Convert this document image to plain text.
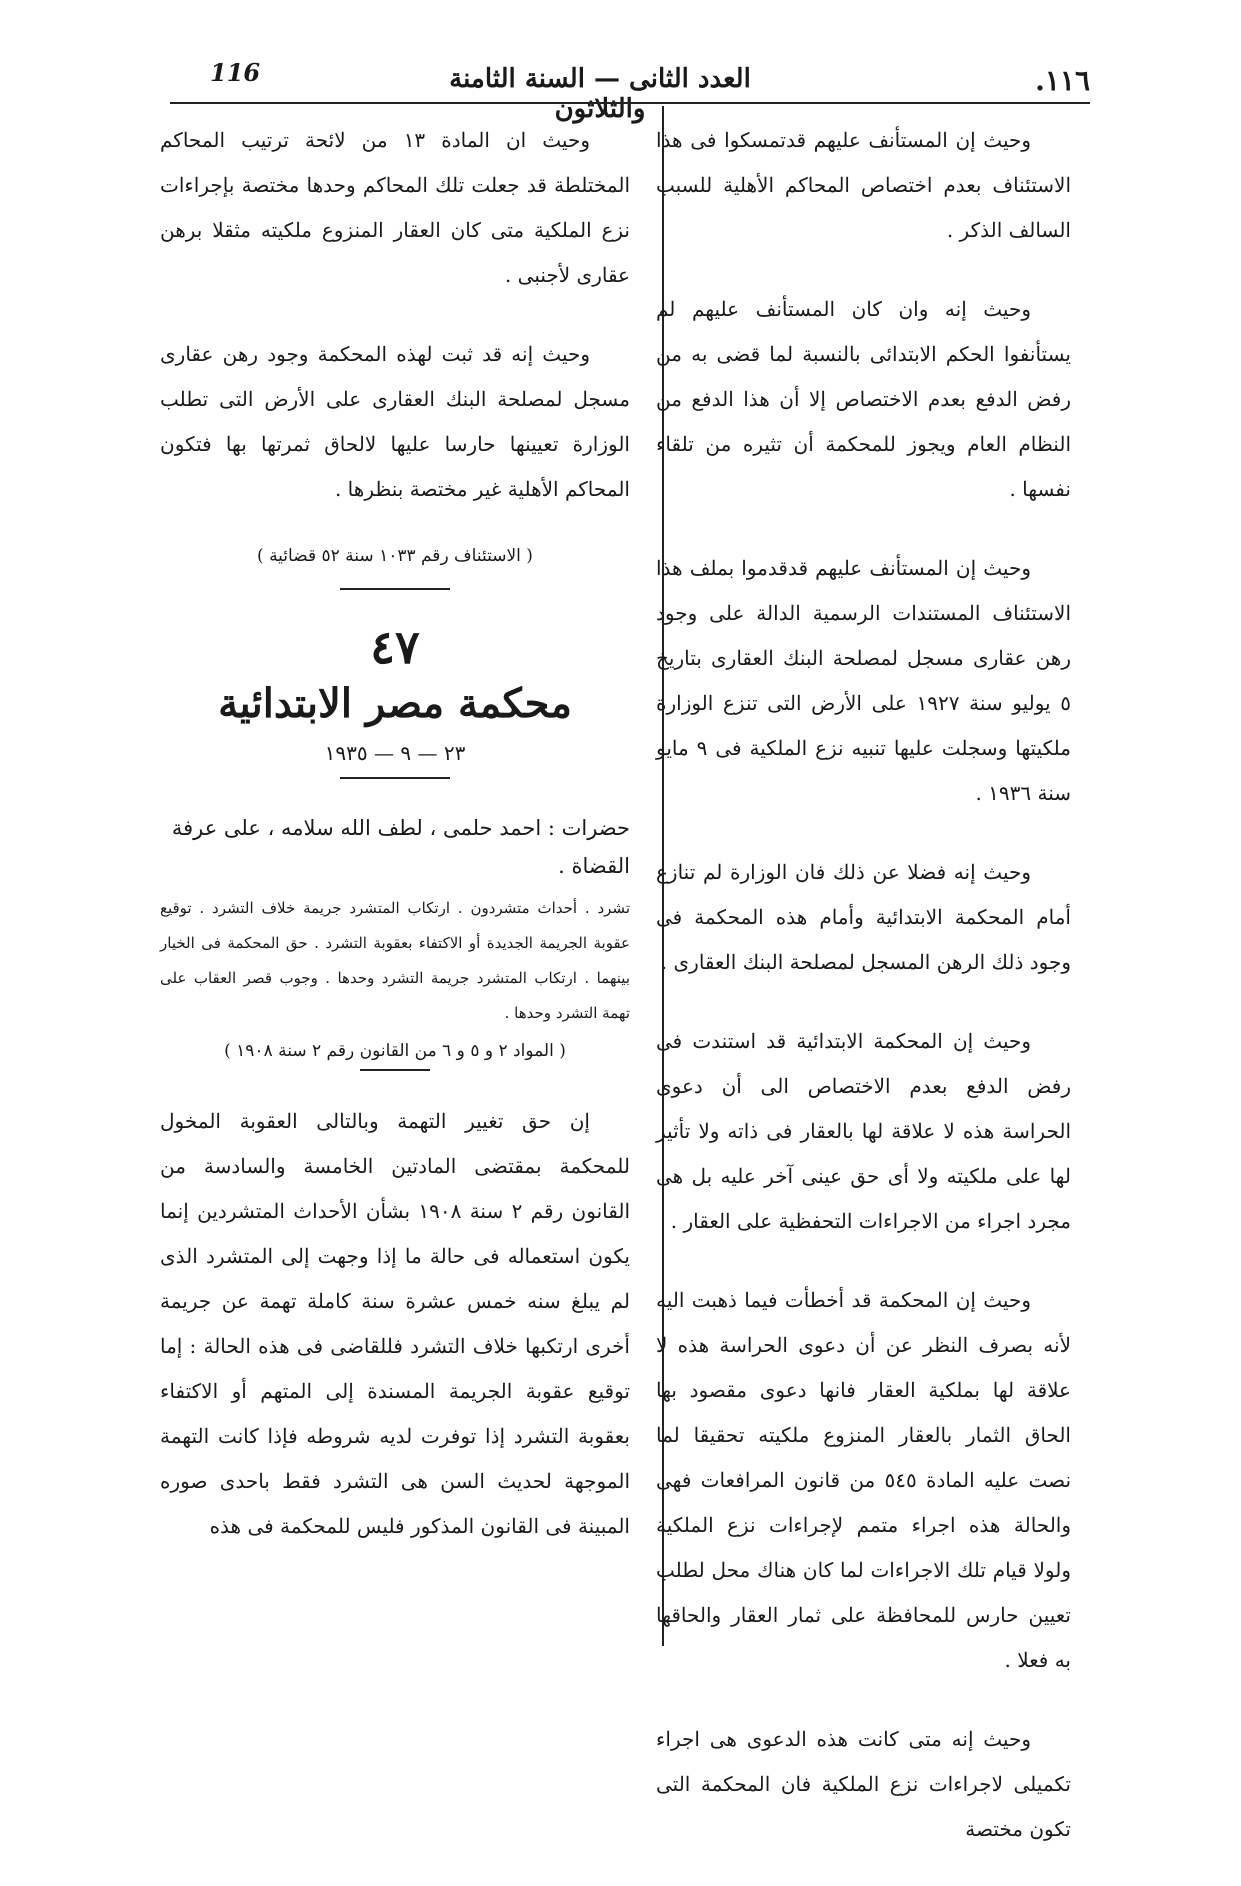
١١٦.
العدد الثانى — السنة الثامنة والثلاثون
116

وحيث إن المستأنف عليهم قدتمسكوا فى هذا الاستئناف بعدم اختصاص المحاكم الأهلية للسبب السالف الذكر .

وحيث إنه وان كان المستأنف عليهم لم يستأنفوا الحكم الابتدائى بالنسبة لما قضى به من رفض الدفع بعدم الاختصاص إلا أن هذا الدفع من النظام العام ويجوز للمحكمة أن تثيره من تلقاء نفسها .

وحيث إن المستأنف عليهم قدقدموا بملف هذا الاستئناف المستندات الرسمية الدالة على وجود رهن عقارى مسجل لمصلحة البنك العقارى بتاريخ ٥ يوليو سنة ١٩٢٧ على الأرض التى تنزع الوزارة ملكيتها وسجلت عليها تنبيه نزع الملكية فى ٩ مايو سنة ١٩٣٦ .

وحيث إنه فضلا عن ذلك فان الوزارة لم تنازع أمام المحكمة الابتدائية وأمام هذه المحكمة فى وجود ذلك الرهن المسجل لمصلحة البنك العقارى .

وحيث إن المحكمة الابتدائية قد استندت فى رفض الدفع بعدم الاختصاص الى أن دعوى الحراسة هذه لا علاقة لها بالعقار فى ذاته ولا تأثير لها على ملكيته ولا أى حق عينى آخر عليه بل هى مجرد اجراء من الاجراءات التحفظية على العقار .

وحيث إن المحكمة قد أخطأت فيما ذهبت اليه لأنه بصرف النظر عن أن دعوى الحراسة هذه لا علاقة لها بملكية العقار فانها دعوى مقصود بها الحاق الثمار بالعقار المنزوع ملكيته تحقيقا لما نصت عليه المادة ٥٤٥ من قانون المرافعات فهى والحالة هذه اجراء متمم لإجراءات نزع الملكية ولولا قيام تلك الاجراءات لما كان هناك محل لطلب تعيين حارس للمحافظة على ثمار العقار والحاقها به فعلا .

وحيث إنه متى كانت هذه الدعوى هى اجراء تكميلى لاجراءات نزع الملكية فان المحكمة التى تكون مختصة

وحيث ان المادة ١٣ من لائحة ترتيب المحاكم المختلطة قد جعلت تلك المحاكم وحدها مختصة بإجراءات نزع الملكية متى كان العقار المنزوع ملكيته مثقلا برهن عقارى لأجنبى .

وحيث إنه قد ثبت لهذه المحكمة وجود رهن عقارى مسجل لمصلحة البنك العقارى على الأرض التى تطلب الوزارة تعيينها حارسا عليها لالحاق ثمرتها بها فتكون المحاكم الأهلية غير مختصة بنظرها .

( الاستئناف رقم ١٠٣٣ سنة ٥٢ قضائية )
٤٧
محكمة مصر الابتدائية
٢٣ — ٩ — ١٩٣٥
حضرات : احمد حلمى ، لطف الله سلامه ، على عرفة القضاة .

تشرد . أحداث متشردون . ارتكاب المتشرد جريمة خلاف التشرد . توقيع عقوبة الجريمة الجديدة أو الاكتفاء بعقوبة التشرد . حق المحكمة فى الخيار بينهما . ارتكاب المتشرد جريمة التشرد وحدها . وجوب قصر العقاب على تهمة التشرد وحدها .

( المواد ٢ و ٥ و ٦ من القانون رقم ٢ سنة ١٩٠٨ )

إن حق تغيير التهمة وبالتالى العقوبة المخول للمحكمة بمقتضى المادتين الخامسة والسادسة من القانون رقم ٢ سنة ١٩٠٨ بشأن الأحداث المتشردين إنما يكون استعماله فى حالة ما إذا وجهت إلى المتشرد الذى لم يبلغ سنه خمس عشرة سنة كاملة تهمة عن جريمة أخرى ارتكبها خلاف التشرد فللقاضى فى هذه الحالة : إما توقيع عقوبة الجريمة المسندة إلى المتهم أو الاكتفاء بعقوبة التشرد إذا توفرت لديه شروطه فإذا كانت التهمة الموجهة لحديث السن هى التشرد فقط باحدى صوره المبينة فى القانون المذكور فليس للمحكمة فى هذه
